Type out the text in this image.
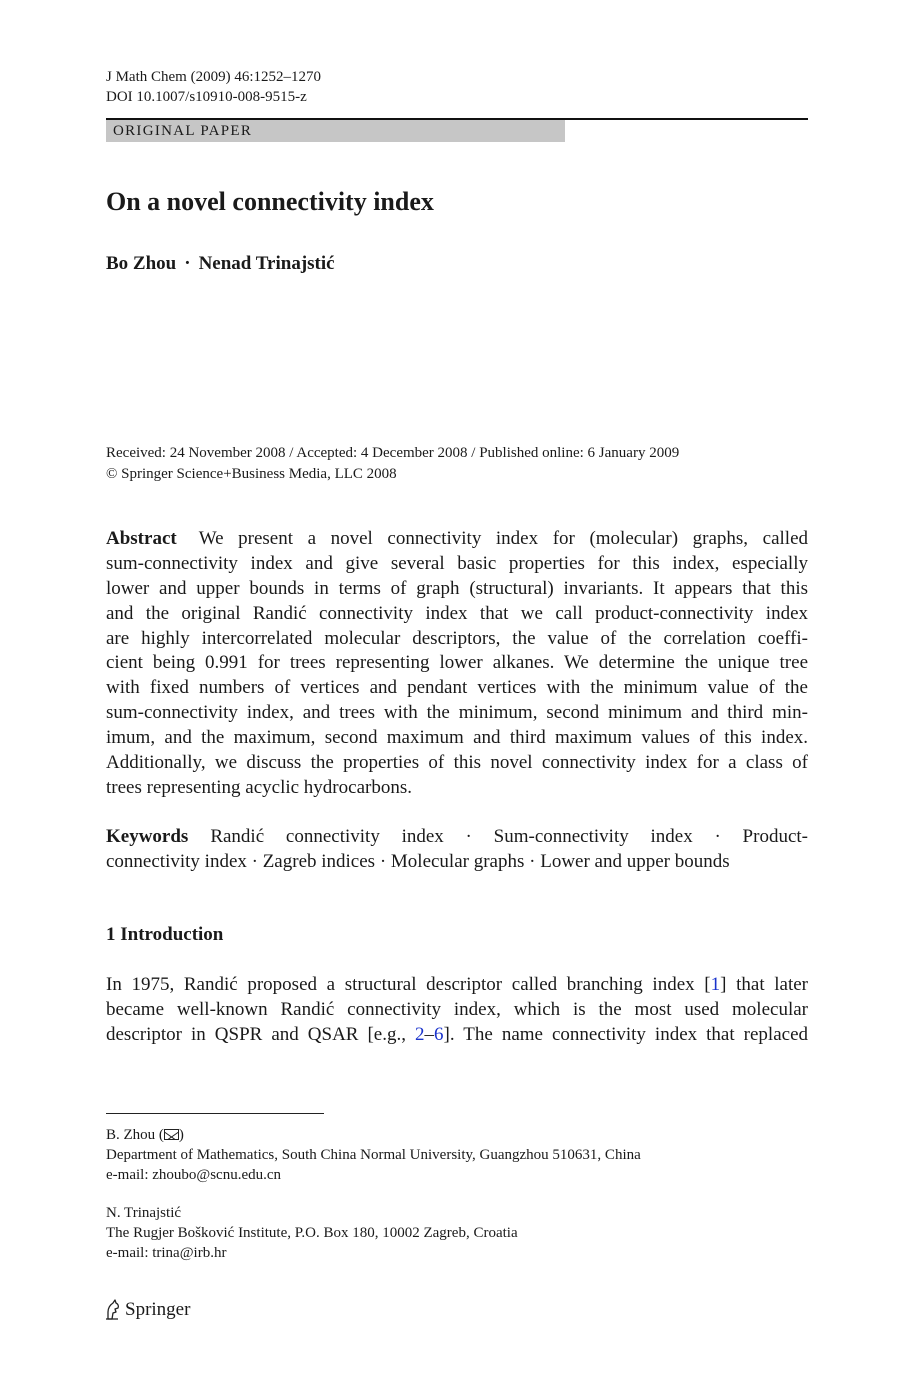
J Math Chem (2009) 46:1252–1270
DOI 10.1007/s10910-008-9515-z
ORIGINAL PAPER
On a novel connectivity index
Bo Zhou · Nenad Trinajstić
Received: 24 November 2008 / Accepted: 4 December 2008 / Published online: 6 January 2009
© Springer Science+Business Media, LLC 2008
Abstract We present a novel connectivity index for (molecular) graphs, called
sum-connectivity index and give several basic properties for this index, especially
lower and upper bounds in terms of graph (structural) invariants. It appears that this
and the original Randić connectivity index that we call product-connectivity index
are highly intercorrelated molecular descriptors, the value of the correlation coeffi-
cient being 0.991 for trees representing lower alkanes. We determine the unique tree
with fixed numbers of vertices and pendant vertices with the minimum value of the
sum-connectivity index, and trees with the minimum, second minimum and third min-
imum, and the maximum, second maximum and third maximum values of this index.
Additionally, we discuss the properties of this novel connectivity index for a class of
trees representing acyclic hydrocarbons.
Keywords Randić connectivity index · Sum-connectivity index · Product-
connectivity index · Zagreb indices · Molecular graphs · Lower and upper bounds
1 Introduction
In 1975, Randić proposed a structural descriptor called branching index [1] that later
became well-known Randić connectivity index, which is the most used molecular
descriptor in QSPR and QSAR [e.g., 2–6]. The name connectivity index that replaced
B. Zhou ( )
Department of Mathematics, South China Normal University, Guangzhou 510631, China
e-mail: zhoubo@scnu.edu.cn
N. Trinajstić
The Rugjer Bošković Institute, P.O. Box 180, 10002 Zagreb, Croatia
e-mail: trina@irb.hr
Springer
